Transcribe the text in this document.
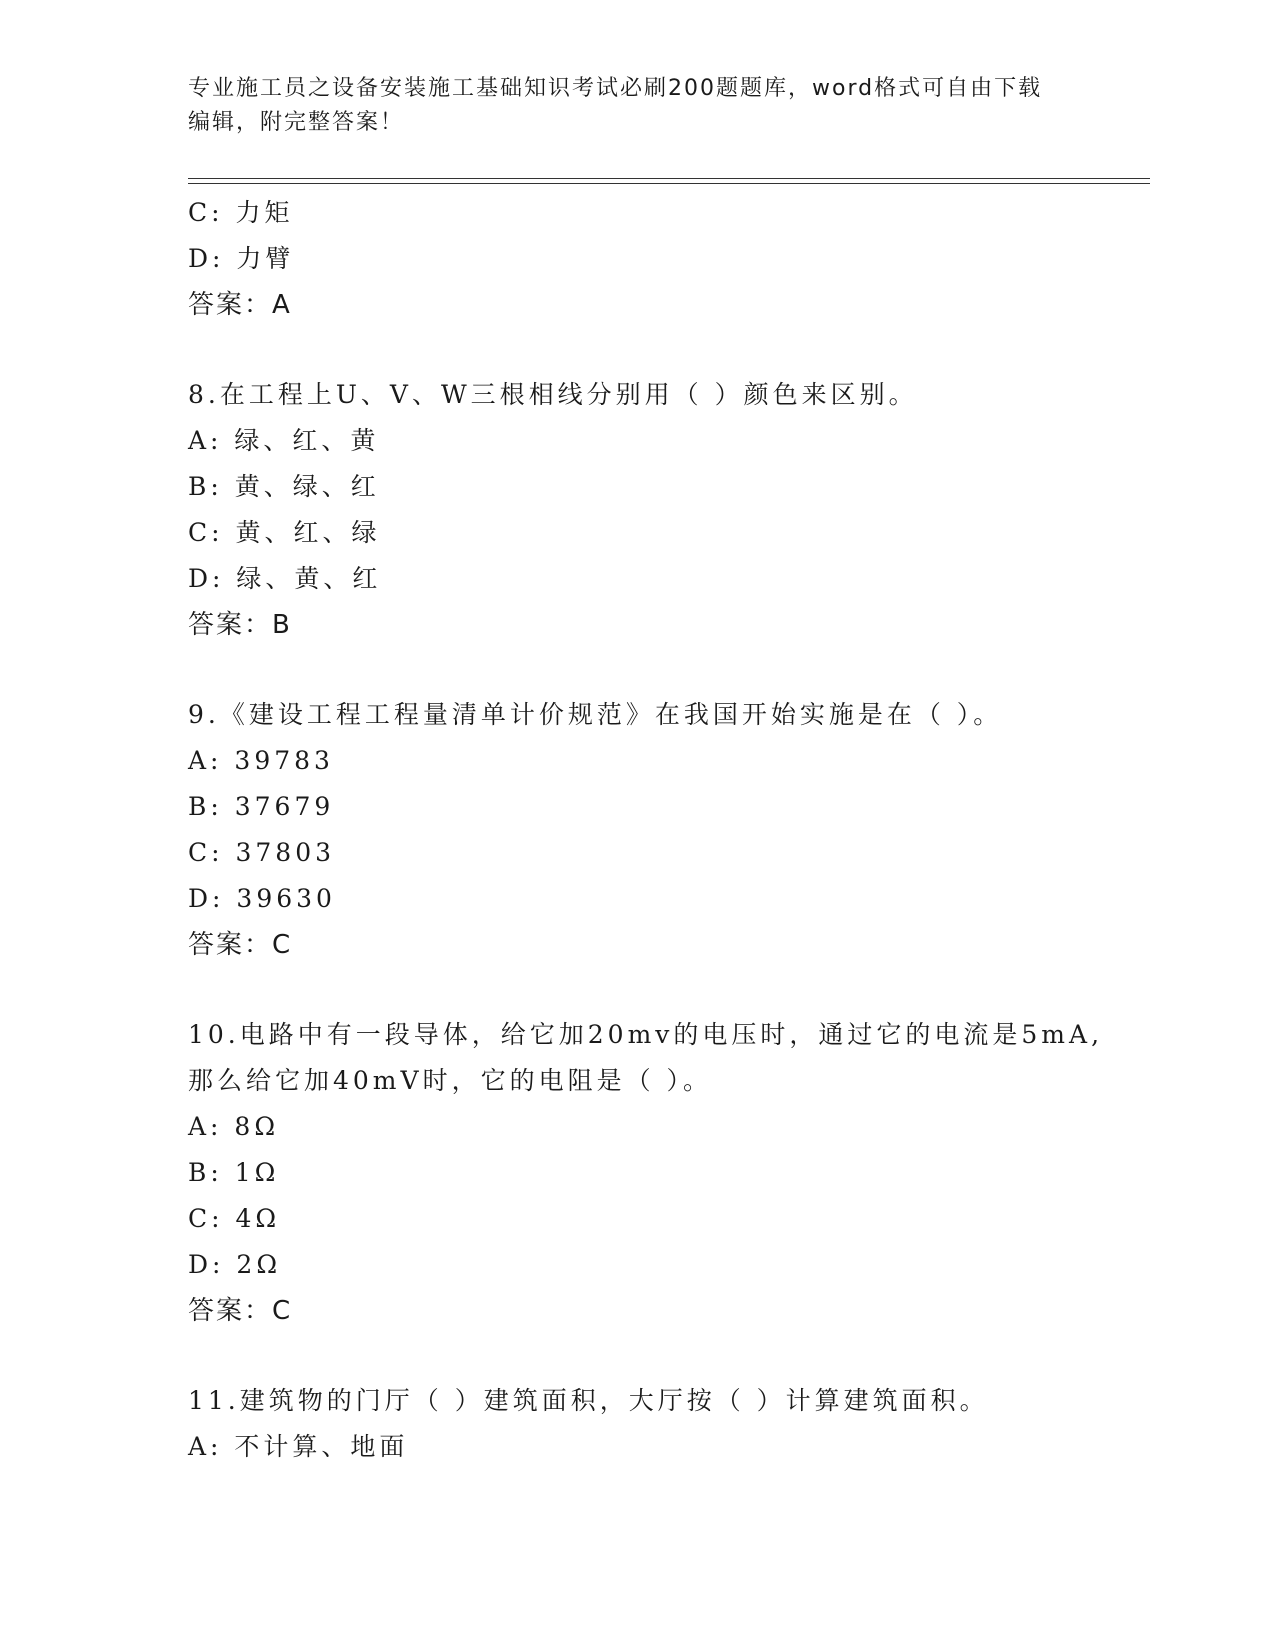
专业施工员之设备安装施工基础知识考试必刷200题题库，word格式可自由下载
编辑，附完整答案！
C: 力矩
D: 力臂
答案：A
8.在工程上U、V、W三根相线分别用（ ）颜色来区别。
A: 绿、红、黄
B: 黄、绿、红
C: 黄、红、绿
D: 绿、黄、红
答案：B
9.《建设工程工程量清单计价规范》在我国开始实施是在（ ）。
A: 39783
B: 37679
C: 37803
D: 39630
答案：C
10.电路中有一段导体，给它加20mv的电压时，通过它的电流是5mA,
那么给它加40mV时，它的电阻是（ ）。
A: 8Ω
B: 1Ω
C: 4Ω
D: 2Ω
答案：C
11.建筑物的门厅（ ）建筑面积，大厅按（ ）计算建筑面积。
A: 不计算、地面
